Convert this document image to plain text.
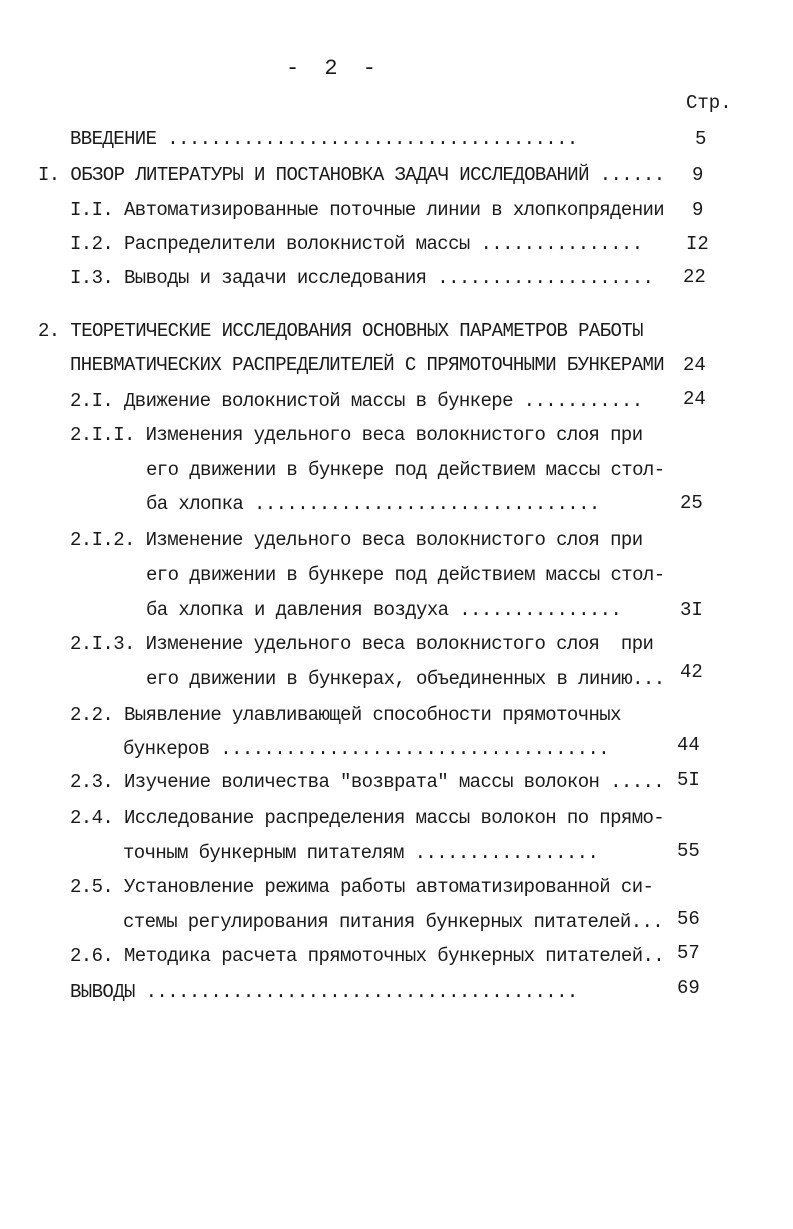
- 2 -
Стр.
ВВЕДЕНИЕ ......................................	5
I. ОБЗОР ЛИТЕРАТУРЫ И ПОСТАНОВКА ЗАДАЧ ИССЛЕДОВАНИЙ ...... 9
I.I. Автоматизированные поточные линии в хлопкопрядении 9
I.2. Распределители волокнистой массы ............... I2
I.3. Выводы и задачи исследования .................... 22
2. ТЕОРЕТИЧЕСКИЕ ИССЛЕДОВАНИЯ ОСНОВНЫХ ПАРАМЕТРОВ РАБОТЫ
ПНЕВМАТИЧЕСКИХ РАСПРЕДЕЛИТЕЛЕЙ С ПРЯМОТОЧНЫМИ БУНКЕРАМИ 24
2.I. Движение волокнистой массы в бункере ........... 24
2.I.I. Изменения удельного веса волокнистого слоя при
его движении в бункере под действием массы стол-
ба хлопка ................................	25
2.I.2. Изменение удельного веса волокнистого слоя при
его движении в бункере под действием массы стол-
ба хлопка и давления воздуха ...............	3I
2.I.3. Изменение удельного веса волокнистого слоя  при
его движении в бункерах, объединенных в линию... 42
2.2. Выявление улавливающей способности прямоточных
бункеров ....................................	44
2.3. Изучение воличества "возврата" массы волокон ..... 5I
2.4. Исследование распределения массы волокон по прямо-
точным бункерным питателям .................	55
2.5. Установление режима работы автоматизированной си-
стемы регулирования питания бункерных питателей... 56
2.6. Методика расчета прямоточных бункерных питателей.. 57
ВЫВОДЫ ........................................	69
